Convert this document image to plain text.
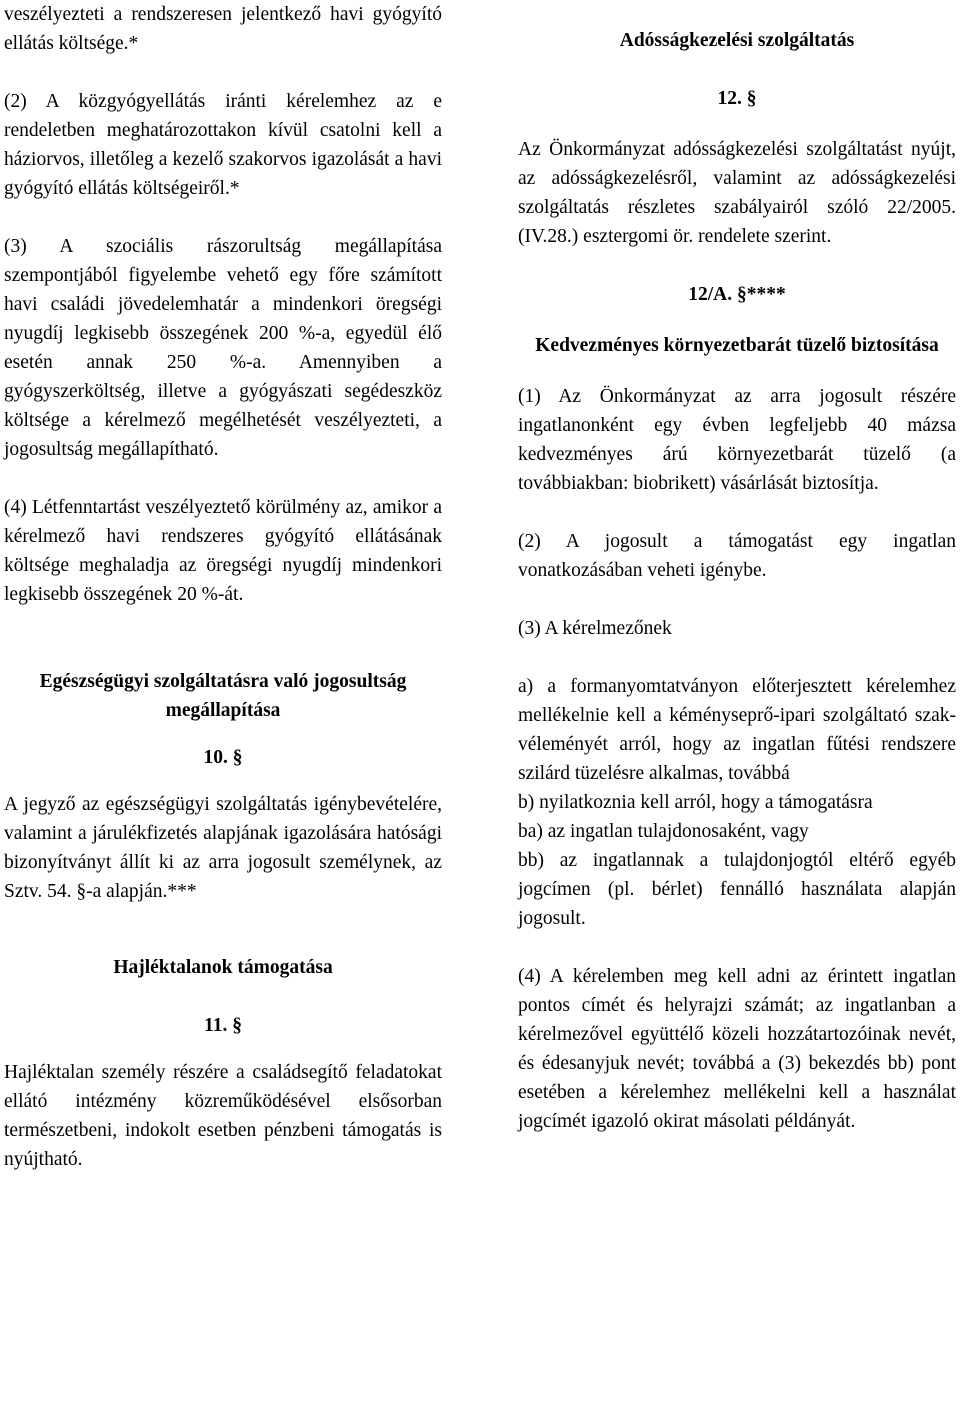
veszélyezteti a rendszeresen jelentkező havi gyógyító ellátás költsége.*

(2) A közgyógyellátás iránti kérelemhez az e rendeletben meghatározottakon kívül csatolni kell a háziorvos, illetőleg a kezelő szakorvos igazolását a havi gyógyító ellátás költségeiről.*

(3) A szociális rászorultság megállapítása szempontjából figyelembe vehető egy főre számított havi családi jövedelemhatár a mindenkori öregségi nyugdíj legkisebb összegének 200 %-a, egyedül élő esetén annak 250 %-a. Amennyiben a gyógyszerköltség, illetve a gyógyászati segédeszköz költsége a kérelmező megélhetését veszélyezteti, a jogosultság megállapítható.

(4) Létfenntartást veszélyeztető körülmény az, amikor a kérelmező havi rendszeres gyógyító ellátásának költsége meghaladja az öregségi nyugdíj mindenkori legkisebb összegének 20 %-át.

Egészségügyi szolgáltatásra való jogosultság megállapítása

10. §

A jegyző az egészségügyi szolgáltatás igénybevételére, valamint a járulékfizetés alapjának igazolására hatósági bizonyítványt állít ki az arra jogosult személynek, az Sztv. 54. §-a alapján.***

Hajléktalanok támogatása

11. §

Hajléktalan személy részére a családsegítő feladatokat ellátó intézmény közreműködésével elsősorban természetbeni, indokolt esetben pénzbeni támogatás is nyújtható.

Adósságkezelési szolgáltatás

12. §

Az Önkormányzat adósságkezelési szolgáltatást nyújt, az adósságkezelésről, valamint az adósságkezelési szolgáltatás részletes szabályairól szóló 22/2005.(IV.28.) esztergomi ör. rendelete szerint.

12/A. §****

Kedvezményes környezetbarát tüzelő biztosítása

(1) Az Önkormányzat az arra jogosult részére ingatlanonként egy évben legfeljebb 40 mázsa kedvezményes árú környezetbarát tüzelő (a továbbiakban: biobrikett) vásárlását biztosítja.

(2) A jogosult a támogatást egy ingatlan vonatkozásában veheti igénybe.

(3) A kérelmezőnek

a) a formanyomtatványon előterjesztett kérelemhez mellékelnie kell a kéményseprő-ipari szolgáltató szak-véleményét arról, hogy az ingatlan fűtési rendszere szilárd tüzelésre alkalmas, továbbá

b) nyilatkoznia kell arról, hogy a támogatásra

ba) az ingatlan tulajdonosaként, vagy

bb) az ingatlannak a tulajdonjogtól eltérő egyéb jogcímen (pl. bérlet) fennálló használata alapján jogosult.

(4) A kérelemben meg kell adni az érintett ingatlan pontos címét és helyrajzi számát; az ingatlanban a kérelmezővel együttélő közeli hozzátartozóinak nevét, és édesanyjuk nevét; továbbá a (3) bekezdés bb) pont esetében a kérelemhez mellékelni kell a használat jogcímét igazoló okirat másolati példányát.
